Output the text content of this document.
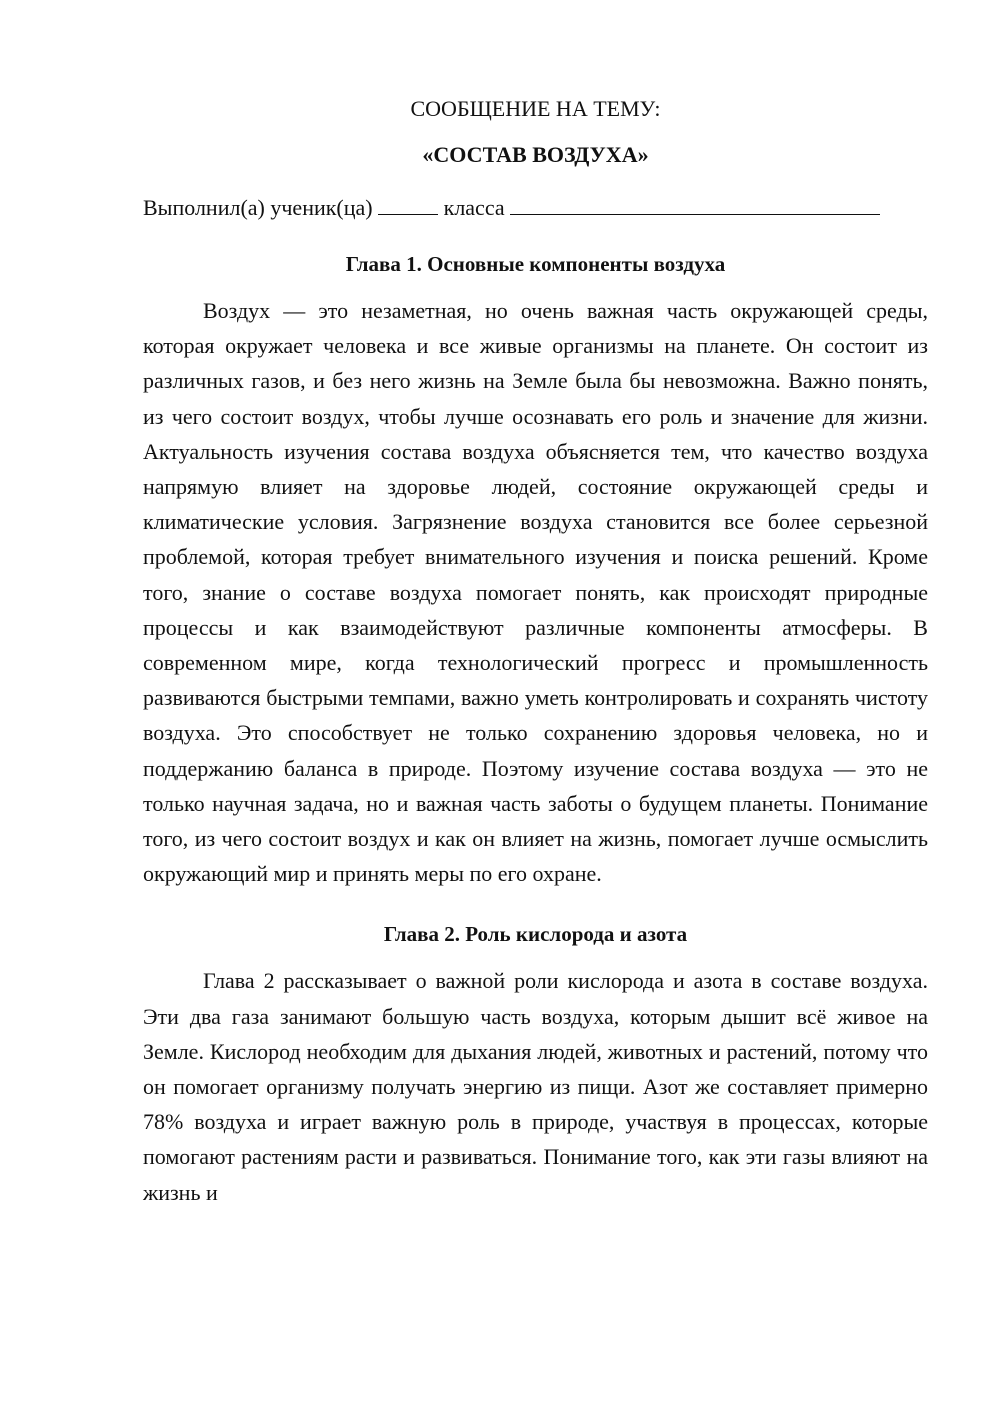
СООБЩЕНИЕ НА ТЕМУ:
«СОСТАВ ВОЗДУХА»
Выполнил(а) ученик(ца)	класса
Глава 1. Основные компоненты воздуха

Воздух — это незаметная, но очень важная часть окружающей среды, которая окружает человека и все живые организмы на планете. Он состоит из различных газов, и без него жизнь на Земле была бы невозможна. Важно понять, из чего состоит воздух, чтобы лучше осознавать его роль и значение для жизни. Актуальность изучения состава воздуха объясняется тем, что качество воздуха напрямую влияет на здоровье людей, состояние окружающей среды и климатические условия. Загрязнение воздуха становится все более серьезной проблемой, которая требует внимательного изучения и поиска решений. Кроме того, знание о составе воздуха помогает понять, как происходят природные процессы и как взаимодействуют различные компоненты атмосферы. В современном мире, когда технологический прогресс и промышленность развиваются быстрыми темпами, важно уметь контролировать и сохранять чистоту воздуха. Это способствует не только сохранению здоровья человека, но и поддержанию баланса в природе. Поэтому изучение состава воздуха — это не только научная задача, но и важная часть заботы о будущем планеты. Понимание того, из чего состоит воздух и как он влияет на жизнь, помогает лучше осмыслить окружающий мир и принять меры по его охране.

Глава 2. Роль кислорода и азота

Глава 2 рассказывает о важной роли кислорода и азота в составе воздуха. Эти два газа занимают большую часть воздуха, которым дышит всё живое на Земле. Кислород необходим для дыхания людей, животных и растений, потому что он помогает организму получать энергию из пищи. Азот же составляет примерно 78% воздуха и играет важную роль в природе, участвуя в процессах, которые помогают растениям расти и развиваться. Понимание того, как эти газы влияют на жизнь и
